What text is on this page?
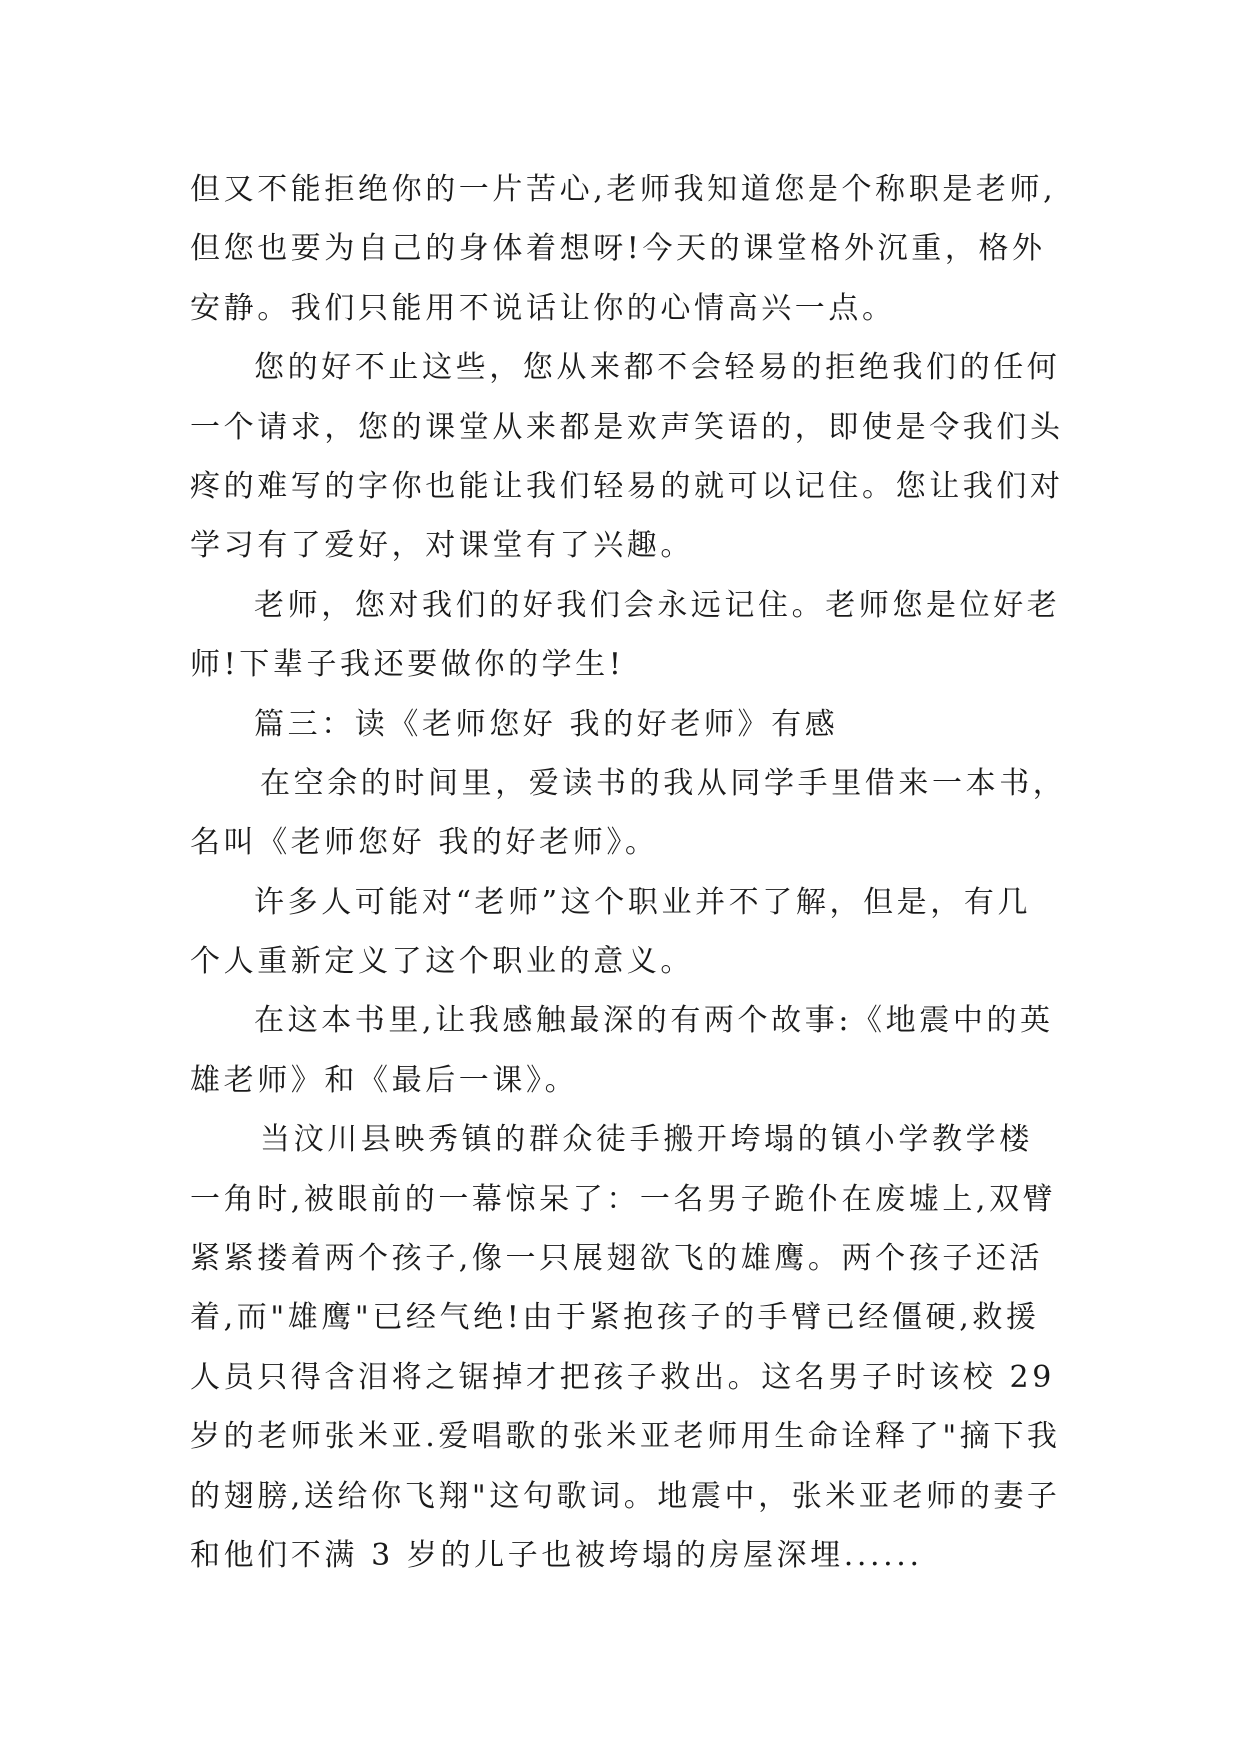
但又不能拒绝你的一片苦心,老师我知道您是个称职是老师,
但您也要为自己的身体着想呀!今天的课堂格外沉重，格外
安静。我们只能用不说话让你的心情高兴一点。
您的好不止这些，您从来都不会轻易的拒绝我们的任何
一个请求，您的课堂从来都是欢声笑语的，即使是令我们头
疼的难写的字你也能让我们轻易的就可以记住。您让我们对
学习有了爱好，对课堂有了兴趣。
老师，您对我们的好我们会永远记住。老师您是位好老
师!下辈子我还要做你的学生!
篇三：读《老师您好 我的好老师》有感
在空余的时间里，爱读书的我从同学手里借来一本书，
名叫《老师您好 我的好老师》。
许多人可能对“老师”这个职业并不了解，但是，有几
个人重新定义了这个职业的意义。
在这本书里,让我感触最深的有两个故事:《地震中的英
雄老师》和《最后一课》。
当汶川县映秀镇的群众徒手搬开垮塌的镇小学教学楼
一角时,被眼前的一幕惊呆了：一名男子跪仆在废墟上,双臂
紧紧搂着两个孩子,像一只展翅欲飞的雄鹰。两个孩子还活
着,而"雄鹰"已经气绝!由于紧抱孩子的手臂已经僵硬,救援
人员只得含泪将之锯掉才把孩子救出。这名男子时该校 29
岁的老师张米亚.爱唱歌的张米亚老师用生命诠释了"摘下我
的翅膀,送给你飞翔"这句歌词。地震中，张米亚老师的妻子
和他们不满 3 岁的儿子也被垮塌的房屋深埋......
